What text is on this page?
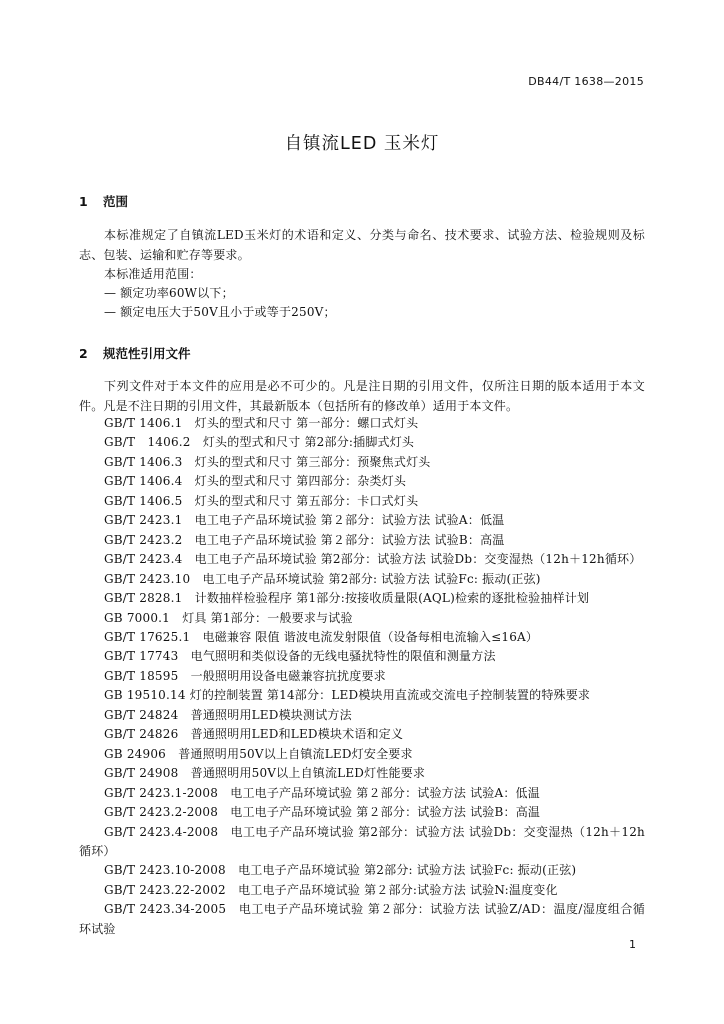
DB44/T 1638—2015
自镇流LED 玉米灯
1 范围
本标准规定了自镇流LED玉米灯的术语和定义、分类与命名、技术要求、试验方法、检验规则及标志、包装、运输和贮存等要求。
本标准适用范围：
— 额定功率60W以下；
— 额定电压大于50V且小于或等于250V；
2 规范性引用文件
下列文件对于本文件的应用是必不可少的。凡是注日期的引用文件，仅所注日期的版本适用于本文件。凡是不注日期的引用文件，其最新版本（包括所有的修改单）适用于本文件。
GB/T 1406.1　灯头的型式和尺寸 第一部分：螺口式灯头
GB/T　1406.2　灯头的型式和尺寸 第2部分:插脚式灯头
GB/T 1406.3　灯头的型式和尺寸 第三部分：预聚焦式灯头
GB/T 1406.4　灯头的型式和尺寸 第四部分：杂类灯头
GB/T 1406.5　灯头的型式和尺寸 第五部分：卡口式灯头
GB/T 2423.1　电工电子产品环境试验 第２部分：试验方法 试验A：低温
GB/T 2423.2　电工电子产品环境试验 第２部分：试验方法 试验B：高温
GB/T 2423.4　电工电子产品环境试验 第2部分：试验方法 试验Db：交变湿热（12h＋12h循环）
GB/T 2423.10　电工电子产品环境试验 第2部分: 试验方法 试验Fc: 振动(正弦)
GB/T 2828.1　计数抽样检验程序 第1部分:按接收质量限(AQL)检索的逐批检验抽样计划
GB 7000.1　灯具 第1部分：一般要求与试验
GB/T 17625.1　电磁兼容 限值 谐波电流发射限值（设备每相电流输入≤16A）
GB/T 17743　电气照明和类似设备的无线电骚扰特性的限值和测量方法
GB/T 18595　一般照明用设备电磁兼容抗扰度要求
GB 19510.14 灯的控制装置 第14部分：LED模块用直流或交流电子控制装置的特殊要求
GB/T 24824　普通照明用LED模块测试方法
GB/T 24826　普通照明用LED和LED模块术语和定义
GB 24906　普通照明用50V以上自镇流LED灯安全要求
GB/T 24908　普通照明用50V以上自镇流LED灯性能要求
GB/T 2423.1-2008　电工电子产品环境试验 第２部分：试验方法 试验A：低温
GB/T 2423.2-2008　电工电子产品环境试验 第２部分：试验方法 试验B：高温
GB/T 2423.4-2008　电工电子产品环境试验 第2部分：试验方法 试验Db：交变湿热（12h＋12h循环）
GB/T 2423.10-2008　电工电子产品环境试验 第2部分: 试验方法 试验Fc: 振动(正弦)
GB/T 2423.22-2002　电工电子产品环境试验 第２部分:试验方法 试验N:温度变化
GB/T 2423.34-2005　电工电子产品环境试验 第２部分：试验方法 试验Z/AD：温度/湿度组合循环试验
1
